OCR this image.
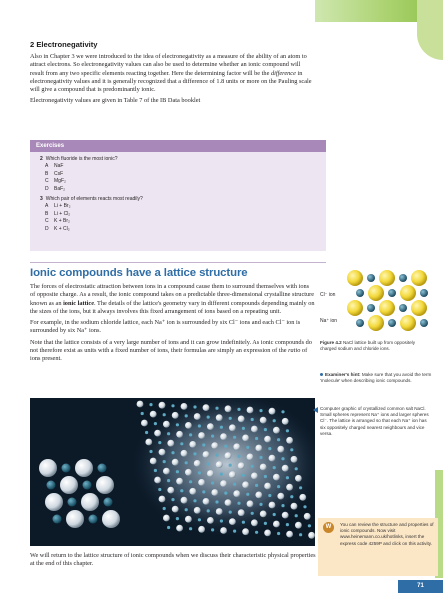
2 Electronegativity

Also in Chapter 3 we were introduced to the idea of electronegativity as a measure of the ability of an atom to attract electrons. So electronegativity values can also be used to determine whether an ionic compound will result from any two specific elements reacting together. Here the determining factor will be the difference in electronegativity values and it is generally recognized that a difference of 1.8 units or more on the Pauling scale will give a compound that is predominantly ionic.

Electronegativity values are given in Table 7 of the IB Data booklet

Exercises
2 Which fluoride is the most ionic?
A NaF
B CsF
C MgF₂
D BaF₂
3 Which pair of elements reacts most readily?
A Li + Br₂
B Li + Cl₂
C K + Br₂
D K + Cl₂
Ionic compounds have a lattice structure

The forces of electrostatic attraction between ions in a compound cause them to surround themselves with ions of opposite charge. As a result, the ionic compound takes on a predictable three-dimensional crystalline structure known as an ionic lattice. The details of the lattice's geometry vary in different compounds depending mainly on the sizes of the ions, but it always involves this fixed arrangement of ions based on a repeating unit.

For example, in the sodium chloride lattice, each Na⁺ ion is surrounded by six Cl⁻ ions and each Cl⁻ ion is surrounded by six Na⁺ ions.

Note that the lattice consists of a very large number of ions and it can grow indefinitely. As ionic compounds do not therefore exist as units with a fixed number of ions, their formulas are simply an expression of the ratio of ions present.

We will return to the lattice structure of ionic compounds when we discuss their characteristic physical properties at the end of this chapter.
Cl⁻ ion
Na⁺ ion
Figure 4.2 NaCl lattice built up from oppositely charged sodium and chloride ions.
Examiner's hint: Make sure that you avoid the term 'molecule' when describing ionic compounds.
Computer graphic of crystallized common salt NaCl. Small spheres represent Na⁺ ions and larger spheres Cl⁻. The lattice is arranged so that each Na⁺ ion has six oppositely charged nearest neighbours and vice versa.
W	You can review the structure and properties of ionic compounds. Now visit www.heinemann.co.uk/hotlinks, insert the express code 4259P and click on this activity.
71
